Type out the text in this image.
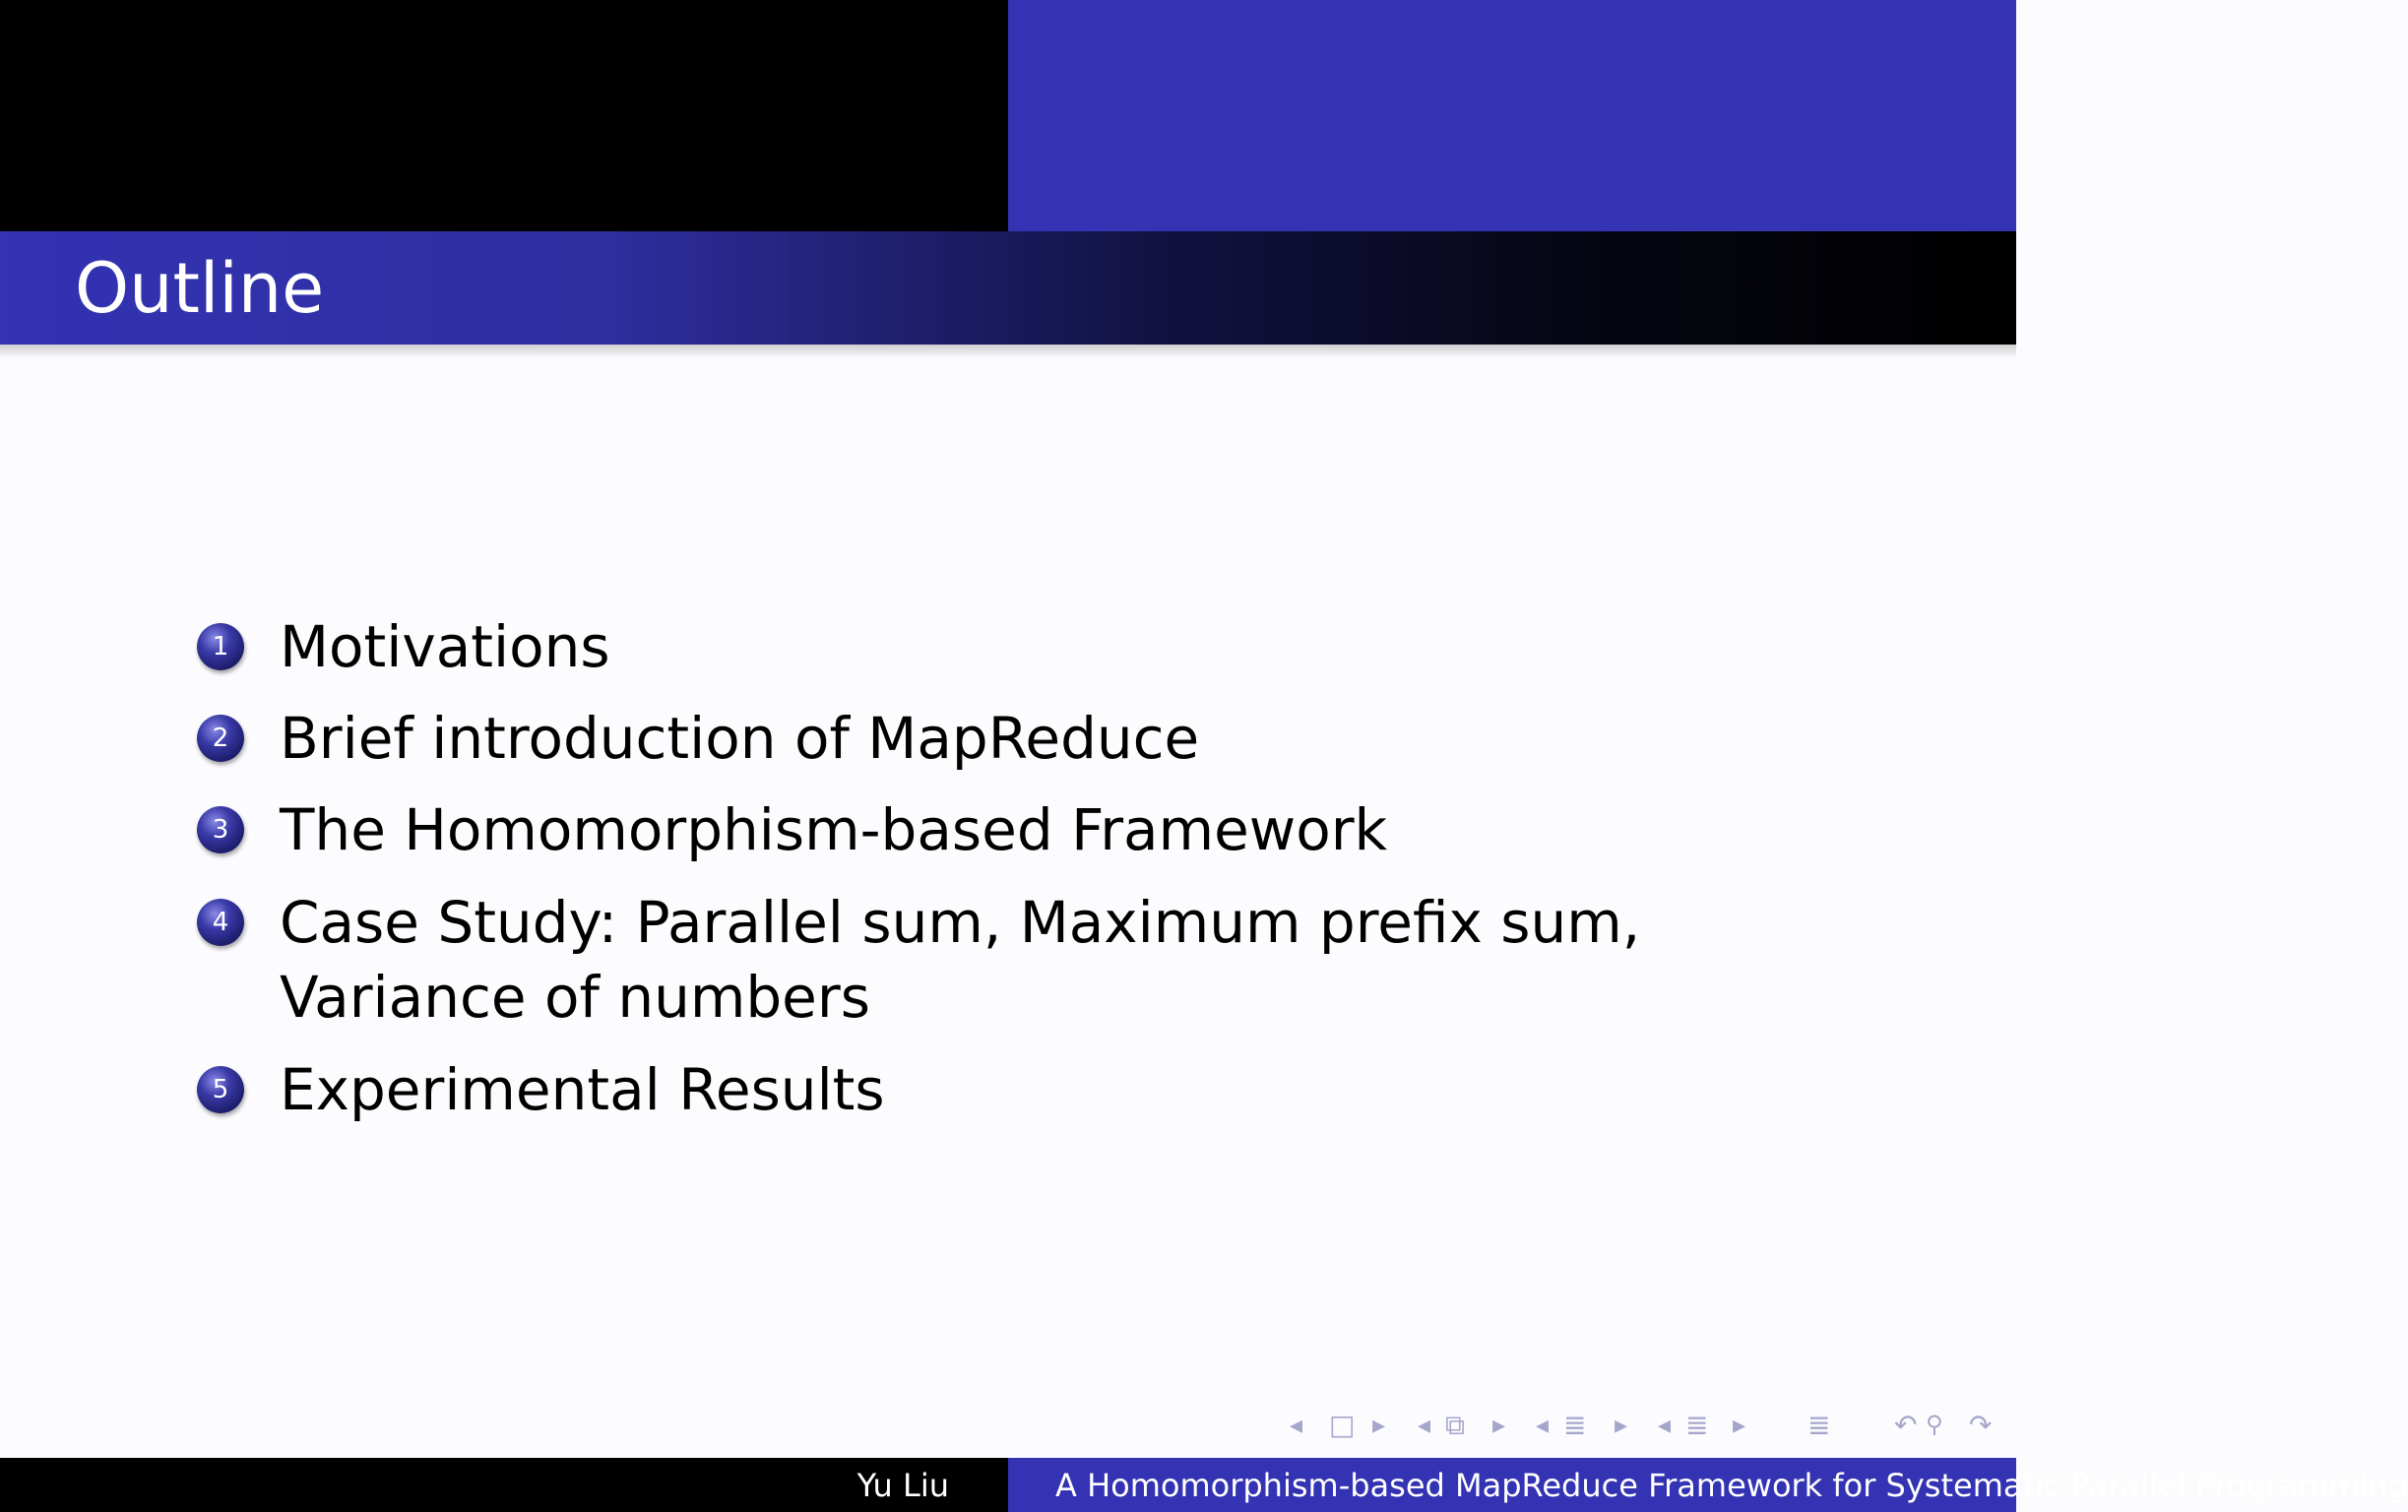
Outline
1 Motivations
2 Brief introduction of MapReduce
3 The Homomorphism-based Framework
4 Case Study: Parallel sum, Maximum prefix sum, Variance of numbers
5 Experimental Results
◂ □ ▸ ◂ ⧉ ▸ ◂ ≣ ▸ ◂ ≣ ▸ ≣ ↶ ⚲ ↷
Yu Liu	A Homomorphism-based MapReduce Framework for Systematic Parallel Programming
